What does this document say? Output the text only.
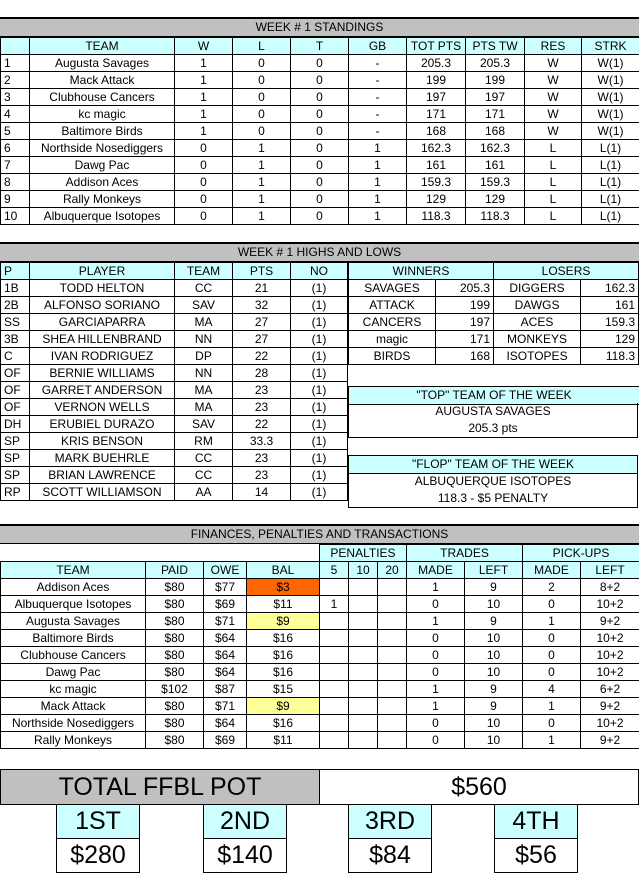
WEEK # 1 STANDINGS
	TEAM	W	L	T	GB	TOT PTS	PTS TW	RES	STRK
1	Augusta Savages	1	0	0	-	205.3	205.3	W	W(1)
2	Mack Attack	1	0	0	-	199	199	W	W(1)
3	Clubhouse Cancers	1	0	0	-	197	197	W	W(1)
4	kc magic	1	0	0	-	171	171	W	W(1)
5	Baltimore Birds	1	0	0	-	168	168	W	W(1)
6	Northside Nosediggers	0	1	0	1	162.3	162.3	L	L(1)
7	Dawg Pac	0	1	0	1	161	161	L	L(1)
8	Addison Aces	0	1	0	1	159.3	159.3	L	L(1)
9	Rally Monkeys	0	1	0	1	129	129	L	L(1)
10	Albuquerque Isotopes	0	1	0	1	118.3	118.3	L	L(1)
WEEK # 1 HIGHS AND LOWS
P	PLAYER	TEAM	PTS	NO
1B	TODD HELTON	CC	21	(1)
2B	ALFONSO SORIANO	SAV	32	(1)
SS	GARCIAPARRA	MA	27	(1)
3B	SHEA HILLENBRAND	NN	27	(1)
C	IVAN RODRIGUEZ	DP	22	(1)
OF	BERNIE WILLIAMS	NN	28	(1)
OF	GARRET ANDERSON	MA	23	(1)
OF	VERNON WELLS	MA	23	(1)
DH	ERUBIEL DURAZO	SAV	22	(1)
SP	KRIS BENSON	RM	33.3	(1)
SP	MARK BUEHRLE	CC	23	(1)
SP	BRIAN LAWRENCE	CC	23	(1)
RP	SCOTT WILLIAMSON	AA	14	(1)
WINNERS		LOSERS	
SAVAGES	205.3	DIGGERS	162.3
ATTACK	199	DAWGS	161
CANCERS	197	ACES	159.3
magic	171	MONKEYS	129
BIRDS	168	ISOTOPES	118.3
"TOP" TEAM OF THE WEEK
AUGUSTA SAVAGES
205.3 pts
"FLOP" TEAM OF THE WEEK
ALBUQUERQUE ISOTOPES
118.3 - $5 PENALTY
FINANCES, PENALTIES AND TRANSACTIONS
				PENALTIES			TRADES		PICK-UPS	
TEAM	PAID	OWE	BAL	5	10	20	MADE	LEFT	MADE	LEFT
Addison Aces	$80	$77	$3				1	9	2	8+2
Albuquerque Isotopes	$80	$69	$11	1			0	10	0	10+2
Augusta Savages	$80	$71	$9				1	9	1	9+2
Baltimore Birds	$80	$64	$16				0	10	0	10+2
Clubhouse Cancers	$80	$64	$16				0	10	0	10+2
Dawg Pac	$80	$64	$16				0	10	0	10+2
kc magic	$102	$87	$15				1	9	4	6+2
Mack Attack	$80	$71	$9				1	9	1	9+2
Northside Nosediggers	$80	$64	$16				0	10	0	10+2
Rally Monkeys	$80	$69	$11				0	10	1	9+2
TOTAL FFBL POT	$560
1ST
$280
2ND
$140
3RD
$84
4TH
$56
